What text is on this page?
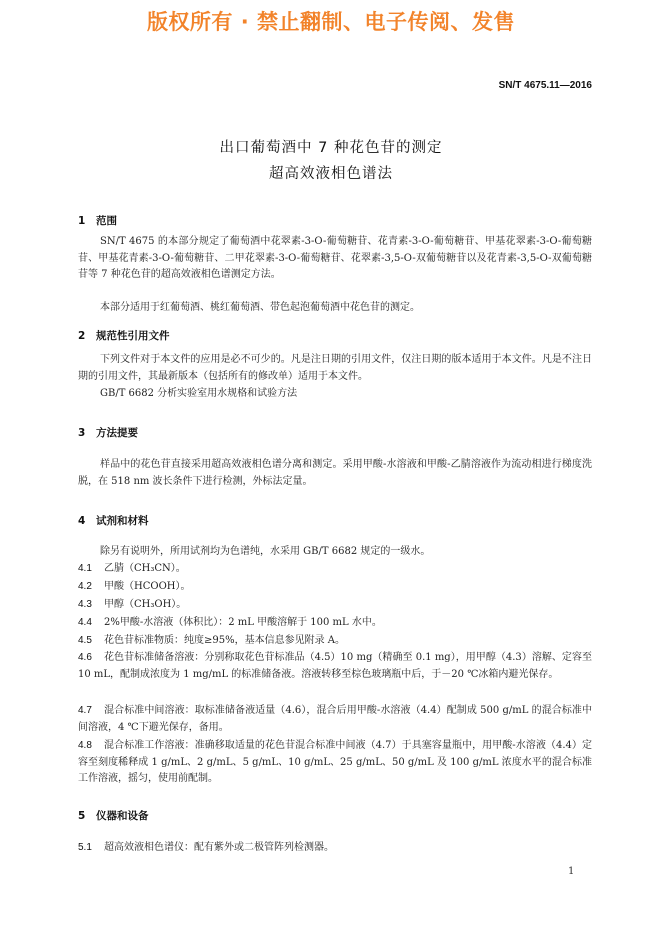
版权所有 · 禁止翻制、电子传阅、发售
SN/T 4675.11—2016
出口葡萄酒中 7 种花色苷的测定
超高效液相色谱法
1 范围
SN/T 4675 的本部分规定了葡萄酒中花翠素-3-O-葡萄糖苷、花青素-3-O-葡萄糖苷、甲基花翠素-3-O-葡萄糖苷、甲基花青素-3-O-葡萄糖苷、二甲花翠素-3-O-葡萄糖苷、花翠素-3,5-O-双葡萄糖苷以及花青素-3,5-O-双葡萄糖苷等 7 种花色苷的超高效液相色谱测定方法。
本部分适用于红葡萄酒、桃红葡萄酒、带色起泡葡萄酒中花色苷的测定。
2 规范性引用文件
下列文件对于本文件的应用是必不可少的。凡是注日期的引用文件，仅注日期的版本适用于本文件。凡是不注日期的引用文件，其最新版本（包括所有的修改单）适用于本文件。
GB/T 6682 分析实验室用水规格和试验方法
3 方法提要
样品中的花色苷直接采用超高效液相色谱分离和测定。采用甲酸-水溶液和甲酸-乙腈溶液作为流动相进行梯度洗脱，在 518 nm 波长条件下进行检测，外标法定量。
4 试剂和材料
除另有说明外，所用试剂均为色谱纯，水采用 GB/T 6682 规定的一级水。
4.1 乙腈（CH₃CN）。
4.2 甲酸（HCOOH）。
4.3 甲醇（CH₃OH）。
4.4 2%甲酸-水溶液（体积比）：2 mL 甲酸溶解于 100 mL 水中。
4.5 花色苷标准物质：纯度≥95%，基本信息参见附录 A。
4.6 花色苷标准储备溶液：分别称取花色苷标准品（4.5）10 mg（精确至 0.1 mg），用甲醇（4.3）溶解、定容至 10 mL，配制成浓度为 1 mg/mL 的标准储备液。溶液转移至棕色玻璃瓶中后，于－20 ℃冰箱内避光保存。
4.7 混合标准中间溶液：取标准储备液适量（4.6），混合后用甲酸-水溶液（4.4）配制成 500 g/mL 的混合标准中间溶液，4 ℃下避光保存，备用。
4.8 混合标准工作溶液：准确移取适量的花色苷混合标准中间液（4.7）于具塞容量瓶中，用甲酸-水溶液（4.4）定容至刻度稀释成 1 g/mL、2 g/mL、5 g/mL、10 g/mL、25 g/mL、50 g/mL 及 100 g/mL 浓度水平的混合标准工作溶液，摇匀，使用前配制。
5 仪器和设备
5.1 超高效液相色谱仪：配有紫外或二极管阵列检测器。
1
